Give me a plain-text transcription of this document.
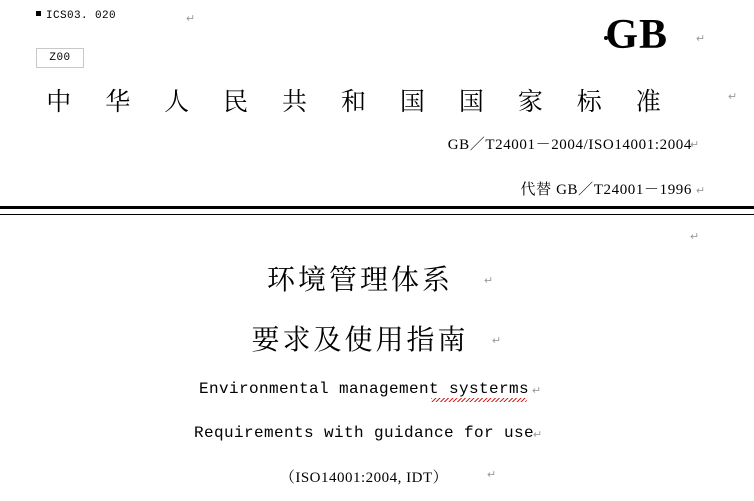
ICS03. 020
Z00	GB
中 华 人 民 共 和 国 国 家 标 准
GB／T24001－2004/ISO14001:2004
代替 GB／T24001－1996
环境管理体系
要求及使用指南
Environmental management systerms
Requirements with guidance for use
（ISO14001:2004, IDT）
↵
↵
↵
↵
↵
↵
↵
↵
↵
↵
↵
